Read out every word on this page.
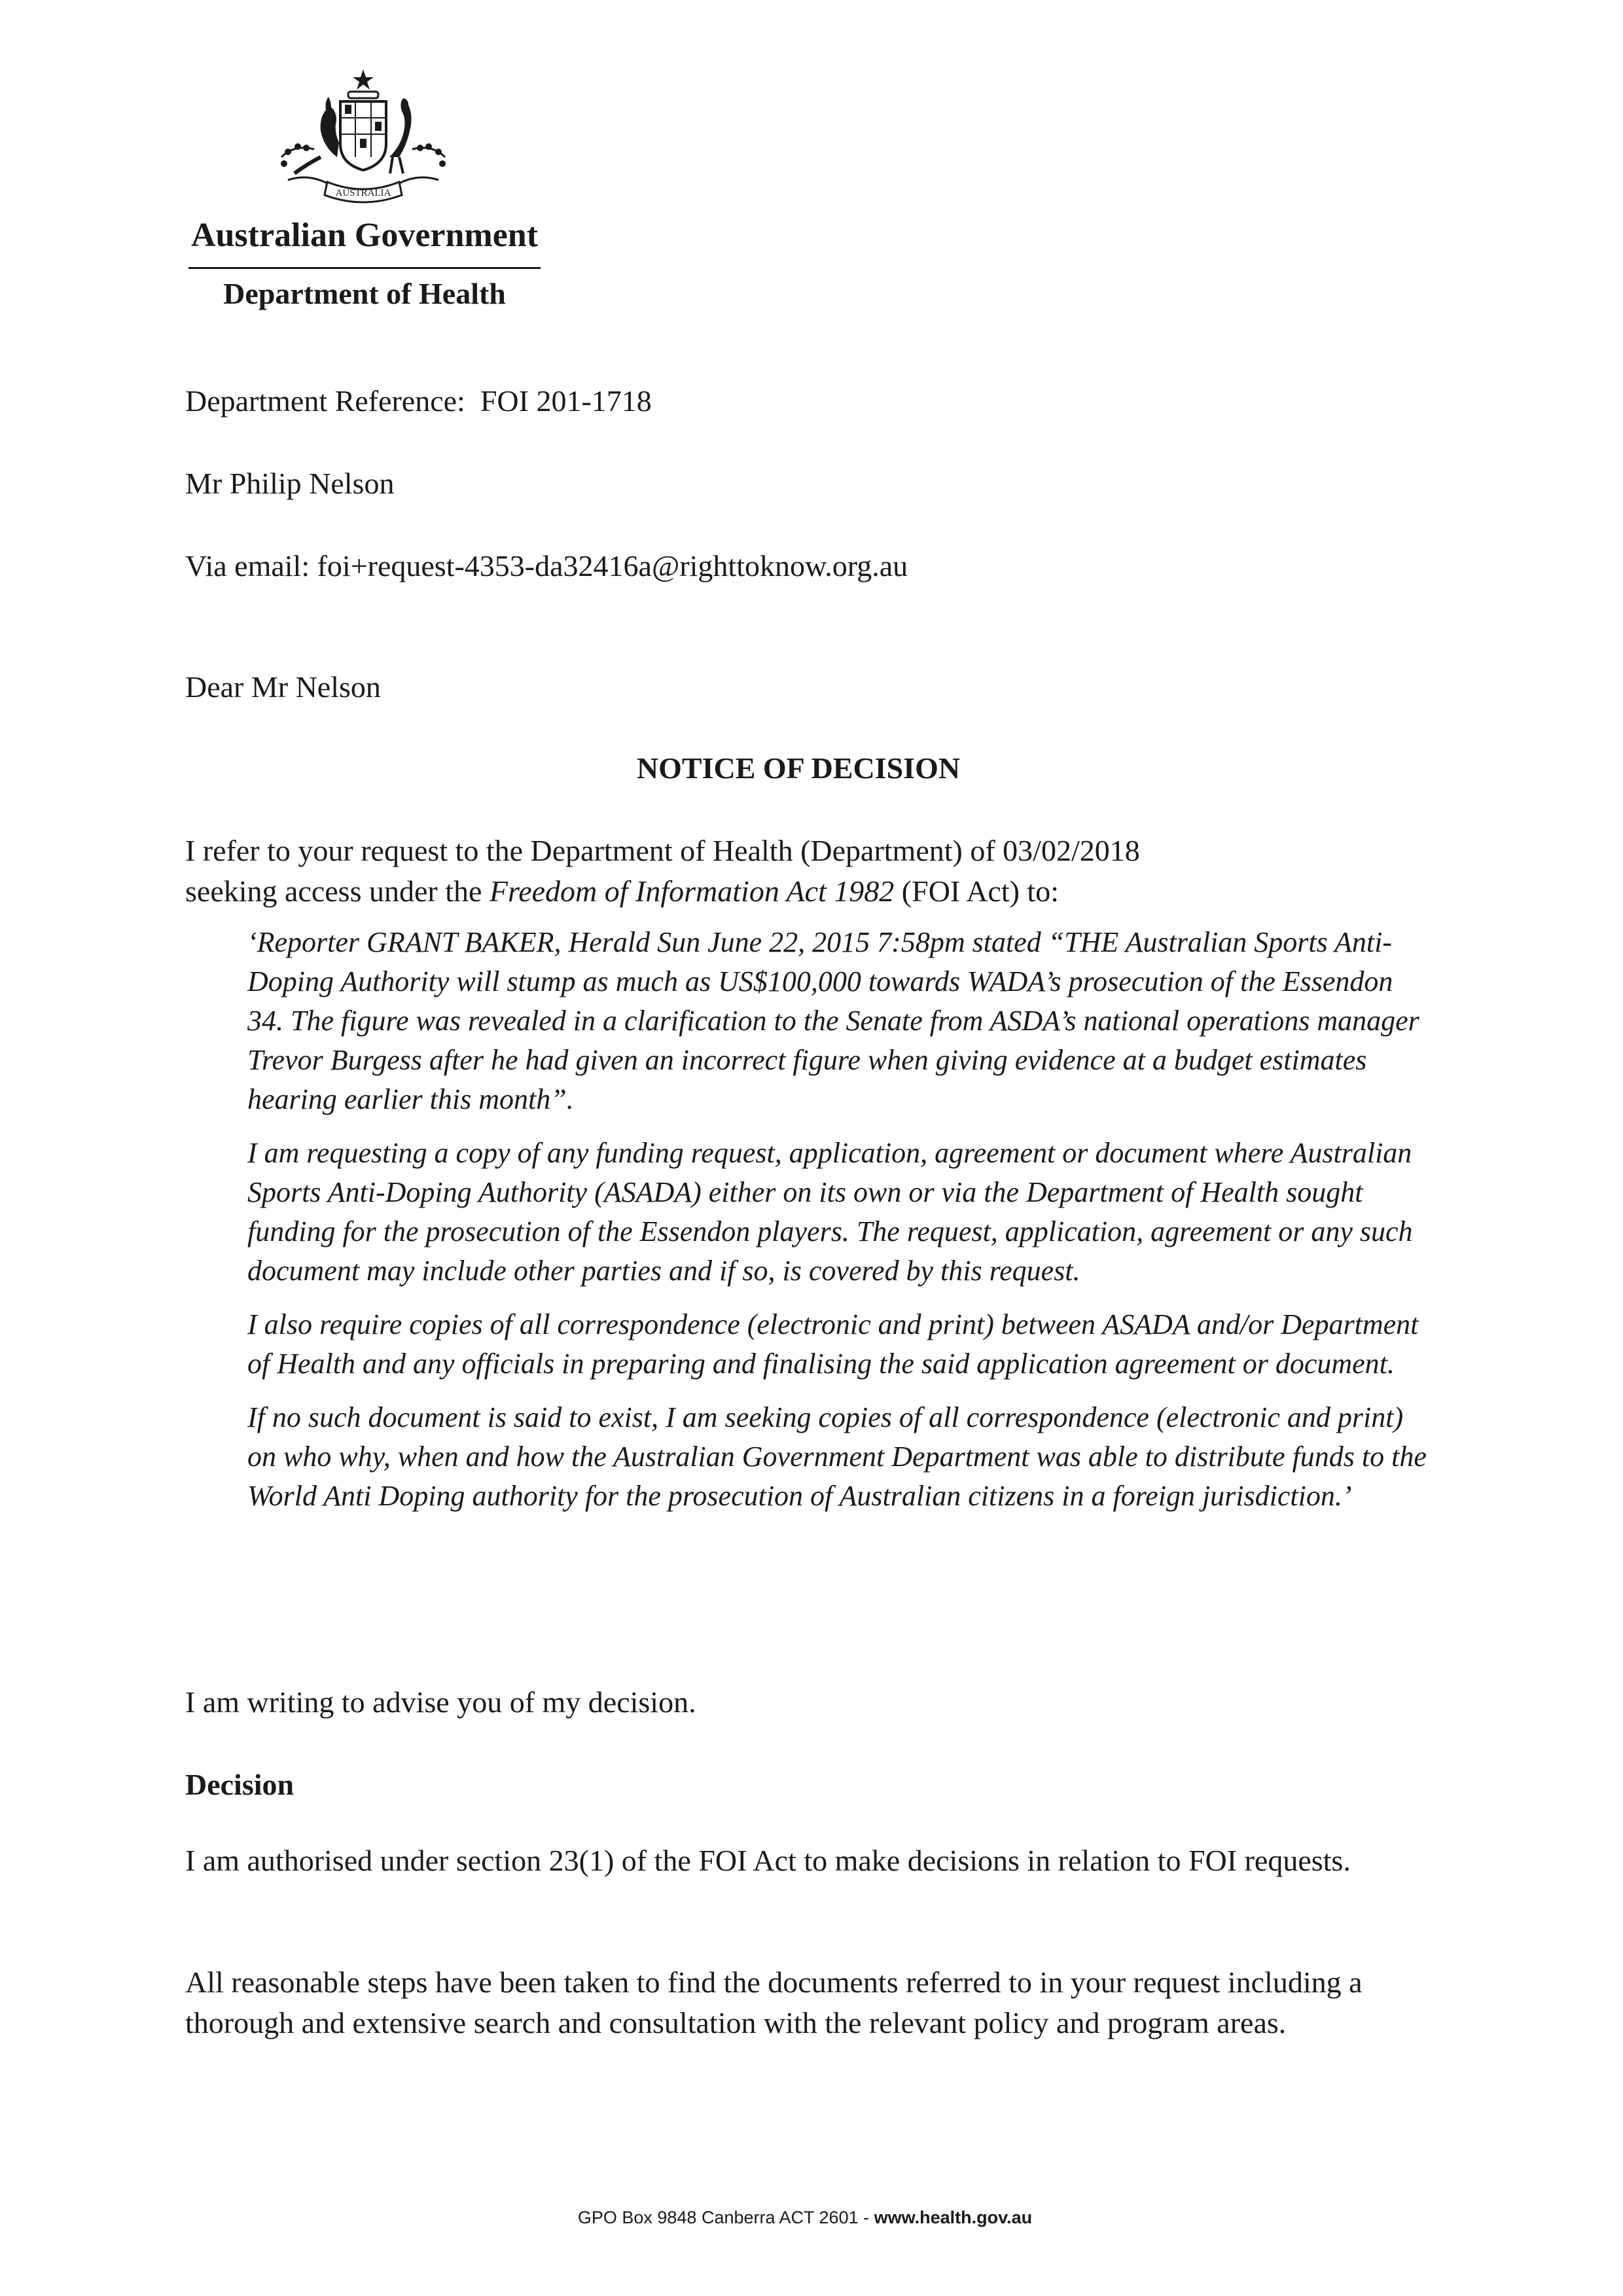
AUSTRALIA
Australian Government
Department of Health
Department Reference: FOI 201-1718
Mr Philip Nelson
Via email: foi+request-4353-da32416a@righttoknow.org.au
Dear Mr Nelson
NOTICE OF DECISION
I refer to your request to the Department of Health (Department) of 03/02/2018
seeking access under the Freedom of Information Act 1982 (FOI Act) to:

‘Reporter GRANT BAKER, Herald Sun June 22, 2015 7:58pm stated “THE Australian Sports Anti-Doping Authority will stump as much as US$100,000 towards WADA’s prosecution of the Essendon 34. The figure was revealed in a clarification to the Senate from ASDA’s national operations manager Trevor Burgess after he had given an incorrect figure when giving evidence at a budget estimates hearing earlier this month”.

I am requesting a copy of any funding request, application, agreement or document where Australian Sports Anti-Doping Authority (ASADA) either on its own or via the Department of Health sought funding for the prosecution of the Essendon players. The request, application, agreement or any such document may include other parties and if so, is covered by this request.

I also require copies of all correspondence (electronic and print) between ASADA and/or Department of Health and any officials in preparing and finalising the said application agreement or document.

If no such document is said to exist, I am seeking copies of all correspondence (electronic and print) on who why, when and how the Australian Government Department was able to distribute funds to the World Anti Doping authority for the prosecution of Australian citizens in a foreign jurisdiction.’

I am writing to advise you of my decision.
Decision
I am authorised under section 23(1) of the FOI Act to make decisions in relation to FOI requests.
All reasonable steps have been taken to find the documents referred to in your request including a thorough and extensive search and consultation with the relevant policy and program areas.
GPO Box 9848 Canberra ACT 2601 - www.health.gov.au
